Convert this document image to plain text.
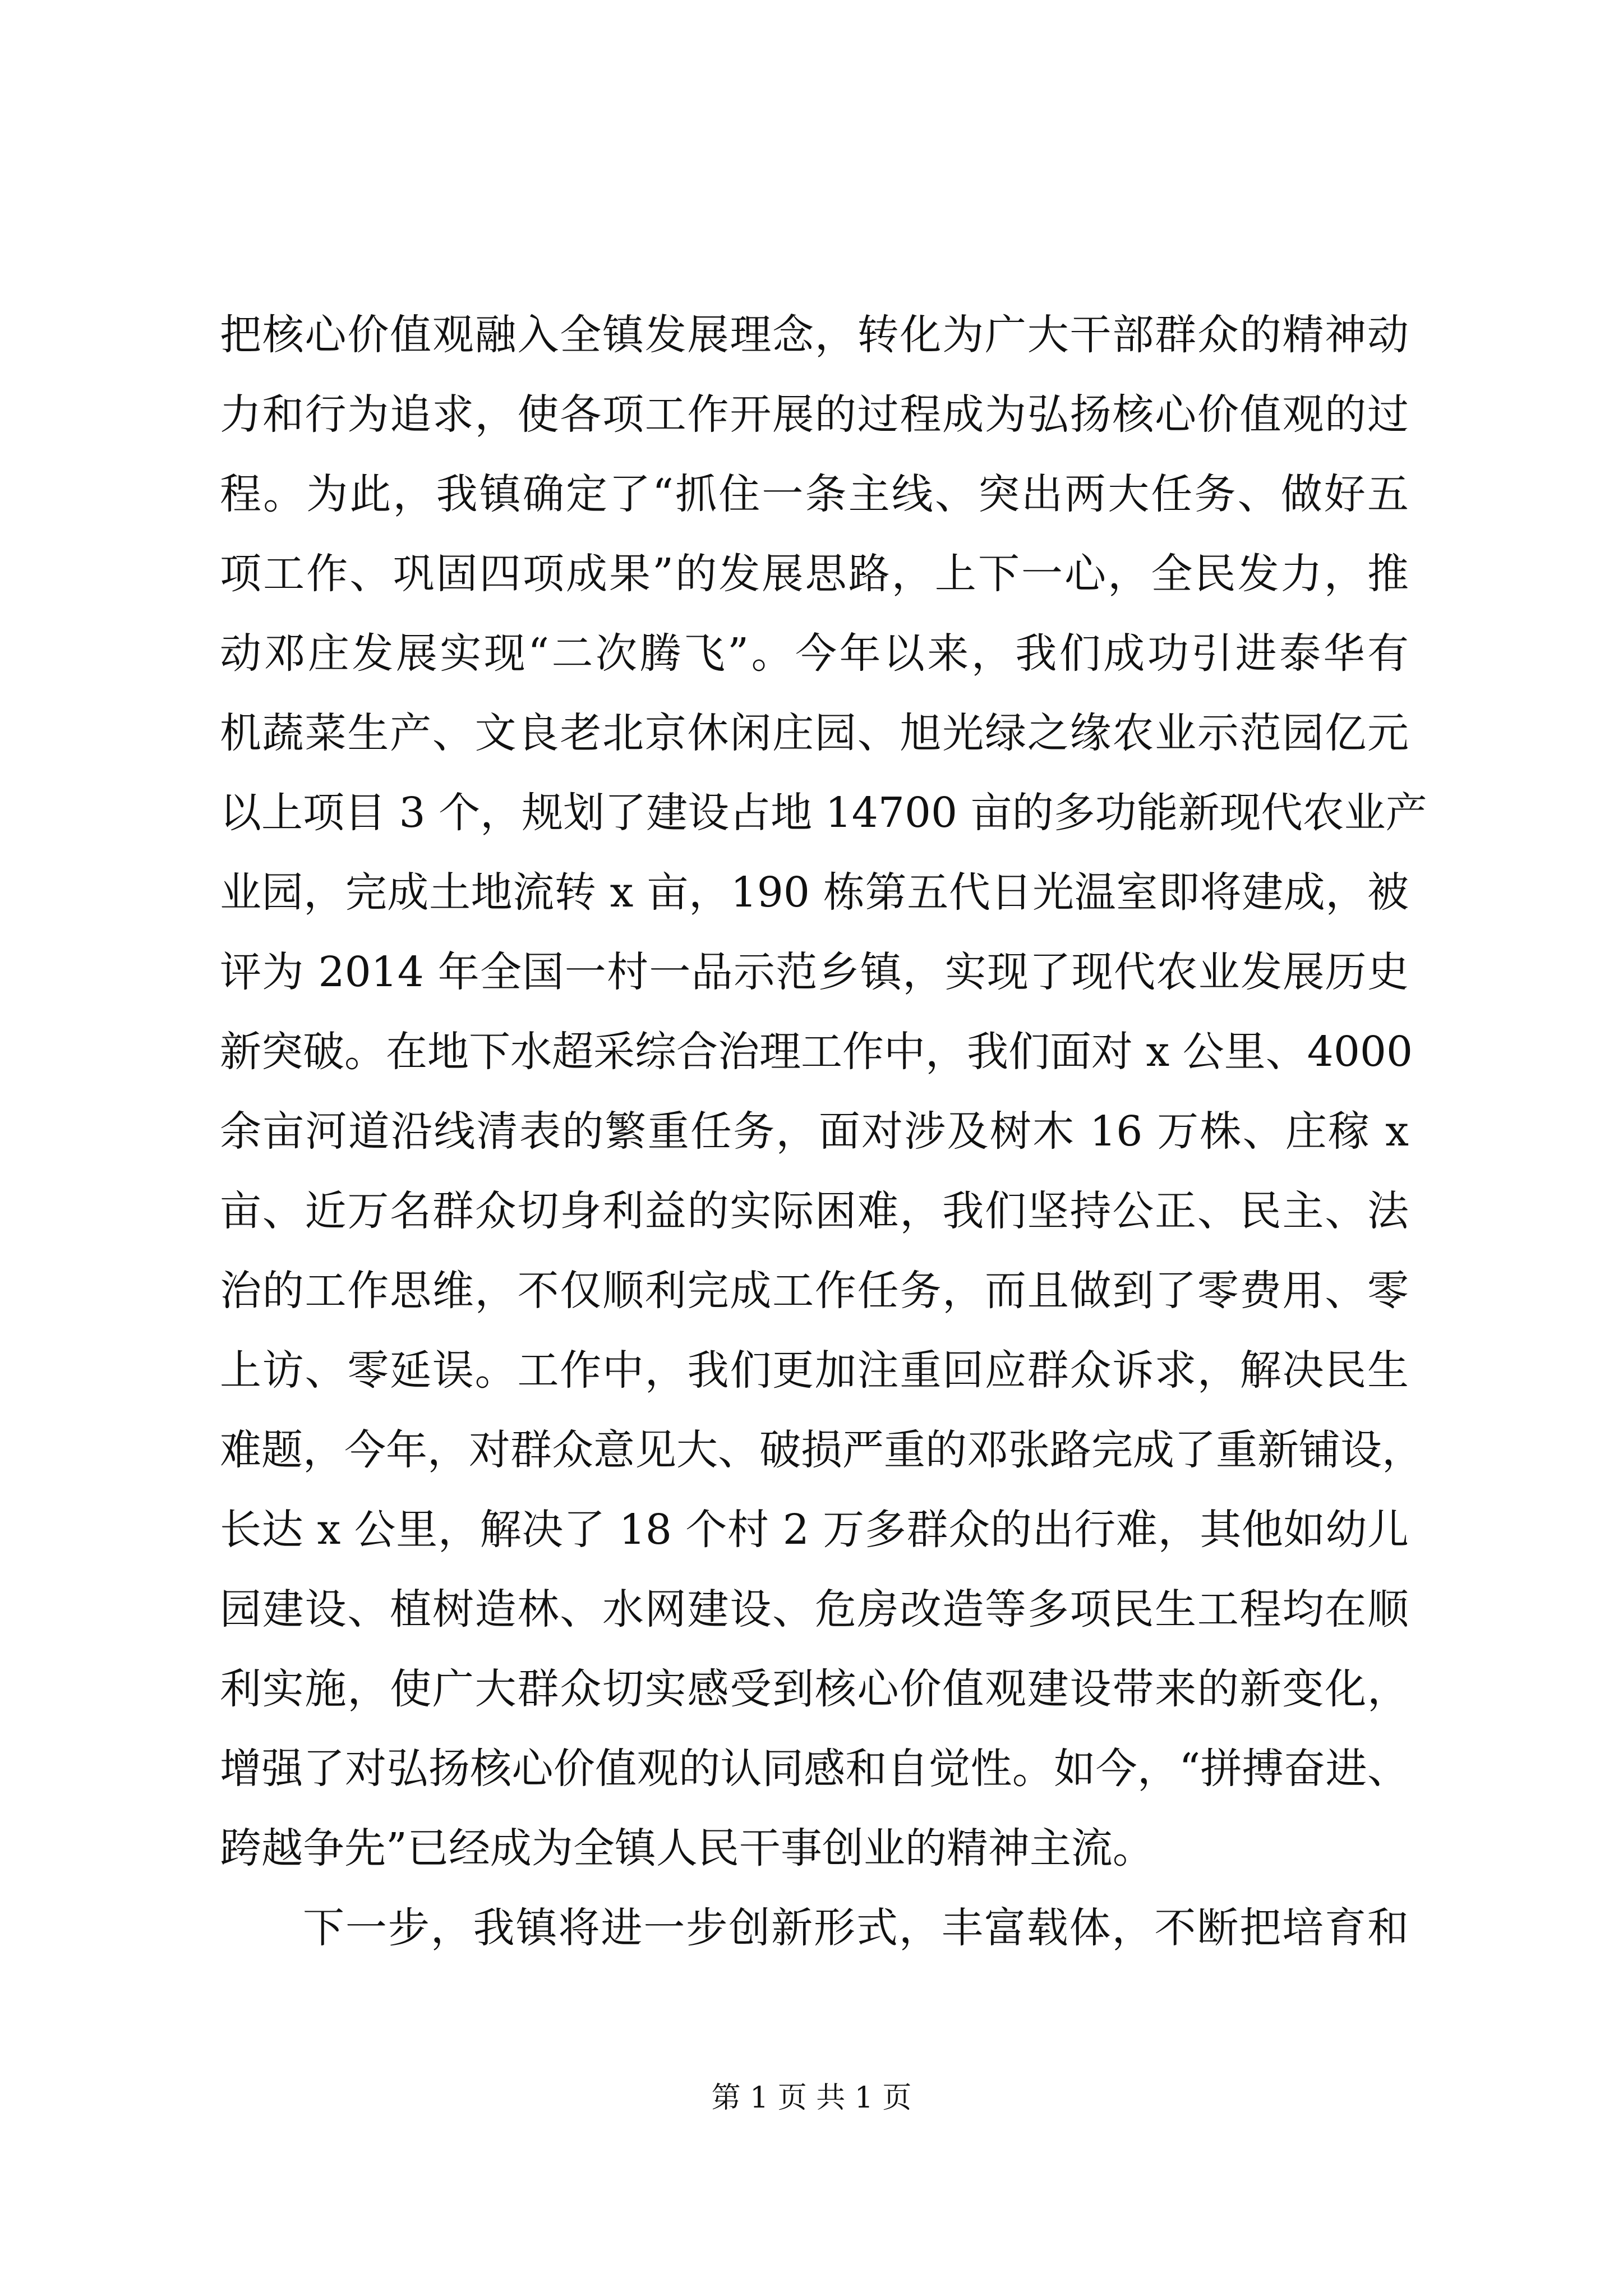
把核心价值观融入全镇发展理念，转化为广大干部群众的精神动
力和行为追求，使各项工作开展的过程成为弘扬核心价值观的过
程。为此，我镇确定了“抓住一条主线、突出两大任务、做好五
项工作、巩固四项成果”的发展思路，上下一心，全民发力，推
动邓庄发展实现“二次腾飞”。今年以来，我们成功引进泰华有
机蔬菜生产、文良老北京休闲庄园、旭光绿之缘农业示范园亿元
以上项目 3 个，规划了建设占地 14700 亩的多功能新现代农业产
业园，完成土地流转 x 亩，190 栋第五代日光温室即将建成，被
评为 2014 年全国一村一品示范乡镇，实现了现代农业发展历史
新突破。在地下水超采综合治理工作中，我们面对 x 公里、4000
余亩河道沿线清表的繁重任务，面对涉及树木 16 万株、庄稼 x
亩、近万名群众切身利益的实际困难，我们坚持公正、民主、法
治的工作思维，不仅顺利完成工作任务，而且做到了零费用、零
上访、零延误。工作中，我们更加注重回应群众诉求，解决民生
难题，今年，对群众意见大、破损严重的邓张路完成了重新铺设，
长达 x 公里，解决了 18 个村 2 万多群众的出行难，其他如幼儿
园建设、植树造林、水网建设、危房改造等多项民生工程均在顺
利实施，使广大群众切实感受到核心价值观建设带来的新变化，
增强了对弘扬核心价值观的认同感和自觉性。如今，“拼搏奋进、
跨越争先”已经成为全镇人民干事创业的精神主流。
下一步，我镇将进一步创新形式，丰富载体，不断把培育和
第 1 页 共 1 页
